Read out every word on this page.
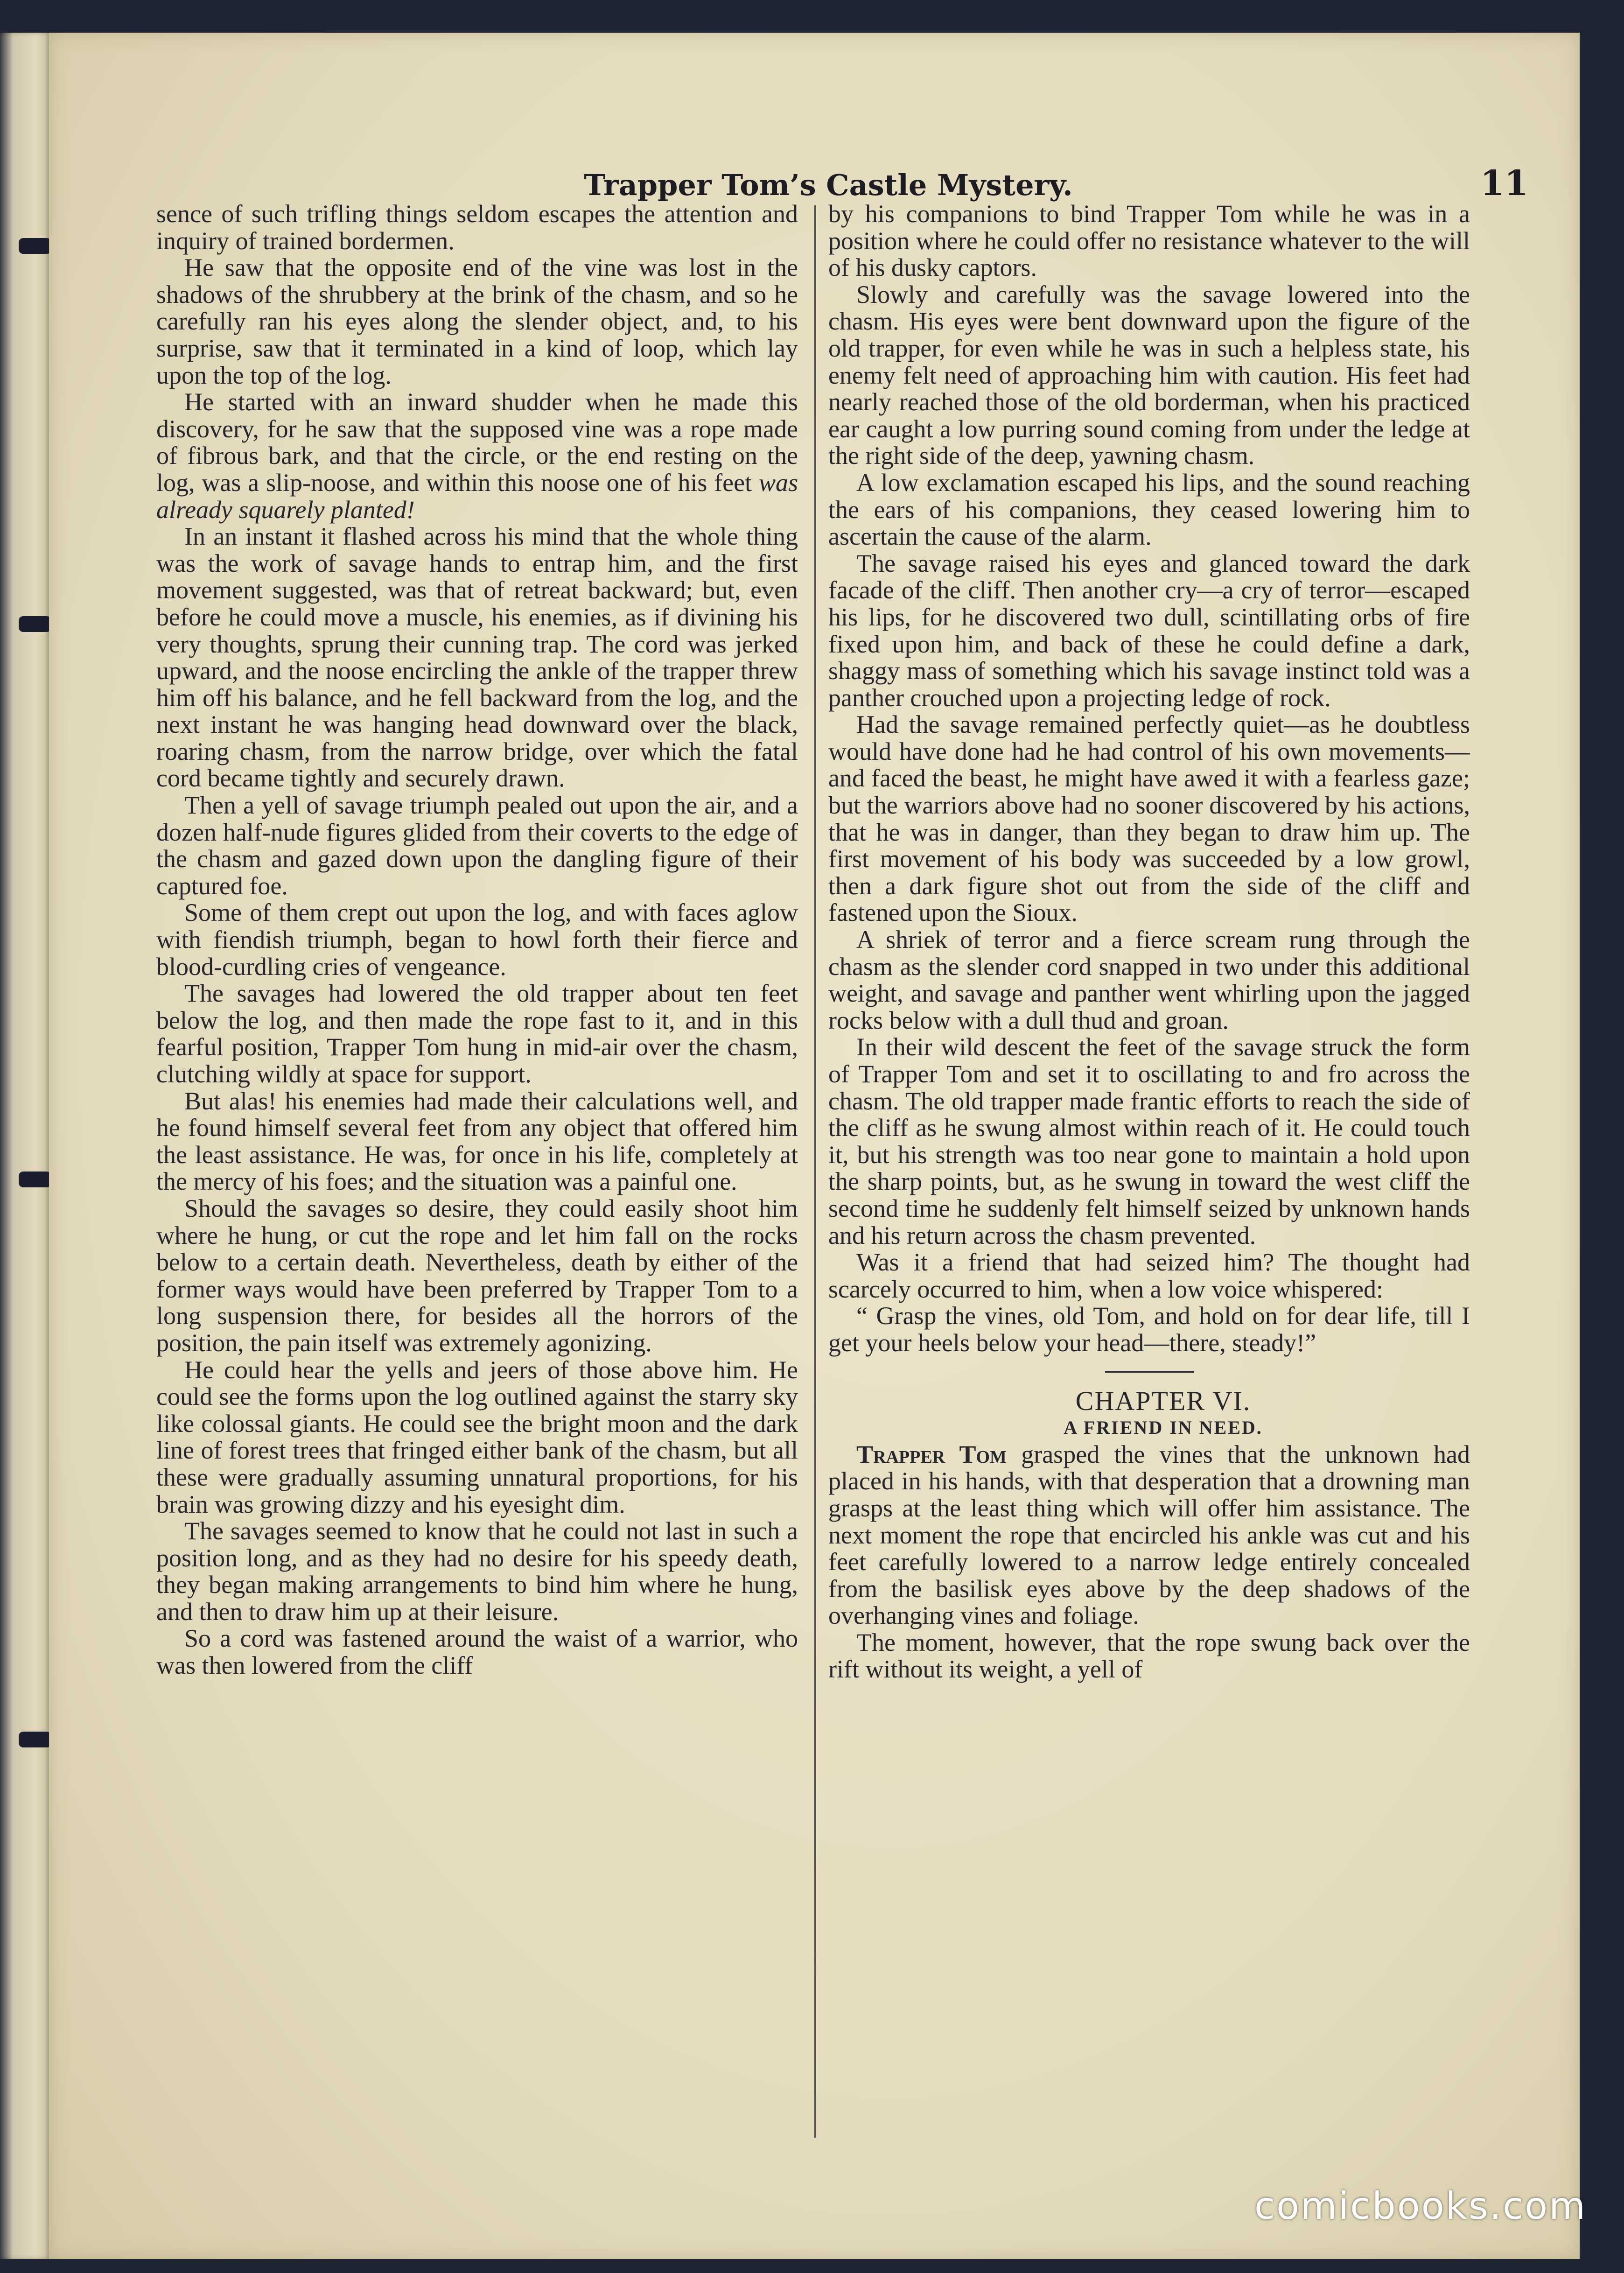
Trapper Tom’s Castle Mystery.	11

sence of such trifling things seldom escapes the attention and inquiry of trained bordermen.

He saw that the opposite end of the vine was lost in the shadows of the shrubbery at the brink of the chasm, and so he carefully ran his eyes along the slender object, and, to his surprise, saw that it terminated in a kind of loop, which lay upon the top of the log.

He started with an inward shudder when he made this discovery, for he saw that the supposed vine was a rope made of fibrous bark, and that the circle, or the end resting on the log, was a slip-noose, and within this noose one of his feet was already squarely planted!

In an instant it flashed across his mind that the whole thing was the work of savage hands to entrap him, and the first movement suggested, was that of retreat backward; but, even before he could move a muscle, his enemies, as if divining his very thoughts, sprung their cunning trap. The cord was jerked upward, and the noose encircling the ankle of the trapper threw him off his balance, and he fell backward from the log, and the next instant he was hanging head downward over the black, roaring chasm, from the narrow bridge, over which the fatal cord became tightly and securely drawn.

Then a yell of savage triumph pealed out upon the air, and a dozen half-nude figures glided from their coverts to the edge of the chasm and gazed down upon the dangling figure of their captured foe.

Some of them crept out upon the log, and with faces aglow with fiendish triumph, began to howl forth their fierce and blood-curdling cries of vengeance.

The savages had lowered the old trapper about ten feet below the log, and then made the rope fast to it, and in this fearful position, Trapper Tom hung in mid-air over the chasm, clutching wildly at space for support.

But alas! his enemies had made their calculations well, and he found himself several feet from any object that offered him the least assistance. He was, for once in his life, completely at the mercy of his foes; and the situation was a painful one.

Should the savages so desire, they could easily shoot him where he hung, or cut the rope and let him fall on the rocks below to a certain death. Nevertheless, death by either of the former ways would have been preferred by Trapper Tom to a long suspension there, for besides all the horrors of the position, the pain itself was extremely agonizing.

He could hear the yells and jeers of those above him. He could see the forms upon the log outlined against the starry sky like colossal giants. He could see the bright moon and the dark line of forest trees that fringed either bank of the chasm, but all these were gradually assuming unnatural proportions, for his brain was growing dizzy and his eyesight dim.

The savages seemed to know that he could not last in such a position long, and as they had no desire for his speedy death, they began making arrangements to bind him where he hung, and then to draw him up at their leisure.

So a cord was fastened around the waist of a warrior, who was then lowered from the cliff

by his companions to bind Trapper Tom while he was in a position where he could offer no resistance whatever to the will of his dusky captors.

Slowly and carefully was the savage lowered into the chasm. His eyes were bent downward upon the figure of the old trapper, for even while he was in such a helpless state, his enemy felt need of approaching him with caution. His feet had nearly reached those of the old borderman, when his practiced ear caught a low purring sound coming from under the ledge at the right side of the deep, yawning chasm.

A low exclamation escaped his lips, and the sound reaching the ears of his companions, they ceased lowering him to ascertain the cause of the alarm.

The savage raised his eyes and glanced toward the dark facade of the cliff. Then another cry—a cry of terror—escaped his lips, for he discovered two dull, scintillating orbs of fire fixed upon him, and back of these he could define a dark, shaggy mass of something which his savage instinct told was a panther crouched upon a projecting ledge of rock.

Had the savage remained perfectly quiet—as he doubtless would have done had he had control of his own movements—and faced the beast, he might have awed it with a fearless gaze; but the warriors above had no sooner discovered by his actions, that he was in danger, than they began to draw him up. The first movement of his body was succeeded by a low growl, then a dark figure shot out from the side of the cliff and fastened upon the Sioux.

A shriek of terror and a fierce scream rung through the chasm as the slender cord snapped in two under this additional weight, and savage and panther went whirling upon the jagged rocks below with a dull thud and groan.

In their wild descent the feet of the savage struck the form of Trapper Tom and set it to oscillating to and fro across the chasm. The old trapper made frantic efforts to reach the side of the cliff as he swung almost within reach of it. He could touch it, but his strength was too near gone to maintain a hold upon the sharp points, but, as he swung in toward the west cliff the second time he suddenly felt himself seized by unknown hands and his return across the chasm prevented.

Was it a friend that had seized him? The thought had scarcely occurred to him, when a low voice whispered:

“ Grasp the vines, old Tom, and hold on for dear life, till I get your heels below your head—there, steady!”

CHAPTER VI.

A FRIEND IN NEED.

Trapper Tom grasped the vines that the unknown had placed in his hands, with that desperation that a drowning man grasps at the least thing which will offer him assistance. The next moment the rope that encircled his ankle was cut and his feet carefully lowered to a narrow ledge entirely concealed from the basilisk eyes above by the deep shadows of the overhanging vines and foliage.

The moment, however, that the rope swung back over the rift without its weight, a yell of

comicbooks.com
